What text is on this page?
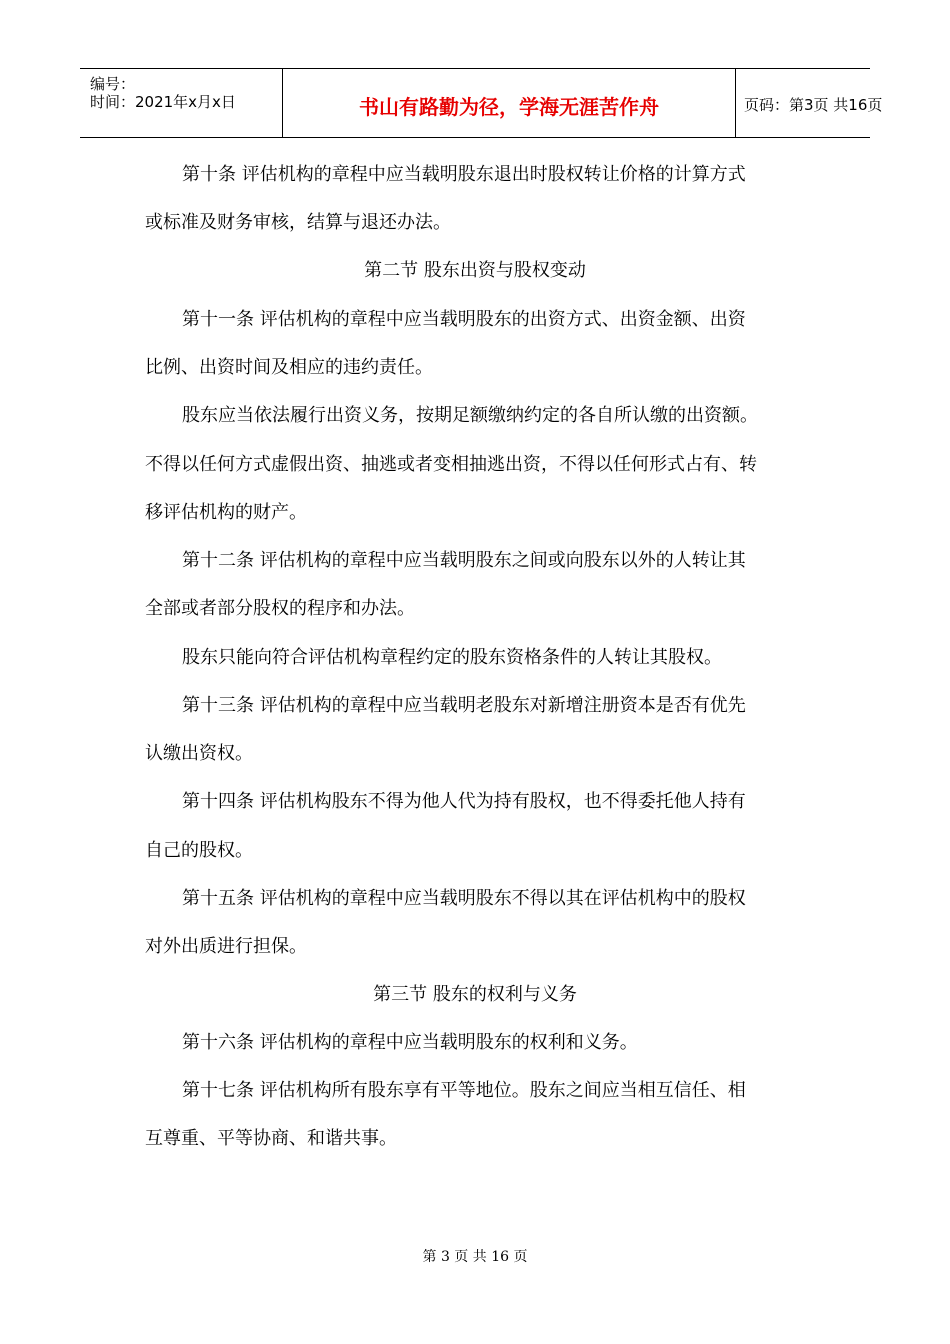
编号：
时间：2021年x月x日	书山有路勤为径，学海无涯苦作舟	页码：第3页 共16页
第十条 评估机构的章程中应当载明股东退出时股权转让价格的计算方式
或标准及财务审核，结算与退还办法。
第二节 股东出资与股权变动
第十一条 评估机构的章程中应当载明股东的出资方式、出资金额、出资
比例、出资时间及相应的违约责任。
股东应当依法履行出资义务，按期足额缴纳约定的各自所认缴的出资额。
不得以任何方式虚假出资、抽逃或者变相抽逃出资，不得以任何形式占有、转
移评估机构的财产。
第十二条 评估机构的章程中应当载明股东之间或向股东以外的人转让其
全部或者部分股权的程序和办法。
股东只能向符合评估机构章程约定的股东资格条件的人转让其股权。
第十三条 评估机构的章程中应当载明老股东对新增注册资本是否有优先
认缴出资权。
第十四条 评估机构股东不得为他人代为持有股权，也不得委托他人持有
自己的股权。
第十五条 评估机构的章程中应当载明股东不得以其在评估机构中的股权
对外出质进行担保。
第三节 股东的权利与义务
第十六条 评估机构的章程中应当载明股东的权利和义务。
第十七条 评估机构所有股东享有平等地位。股东之间应当相互信任、相
互尊重、平等协商、和谐共事。
第 3 页 共 16 页
